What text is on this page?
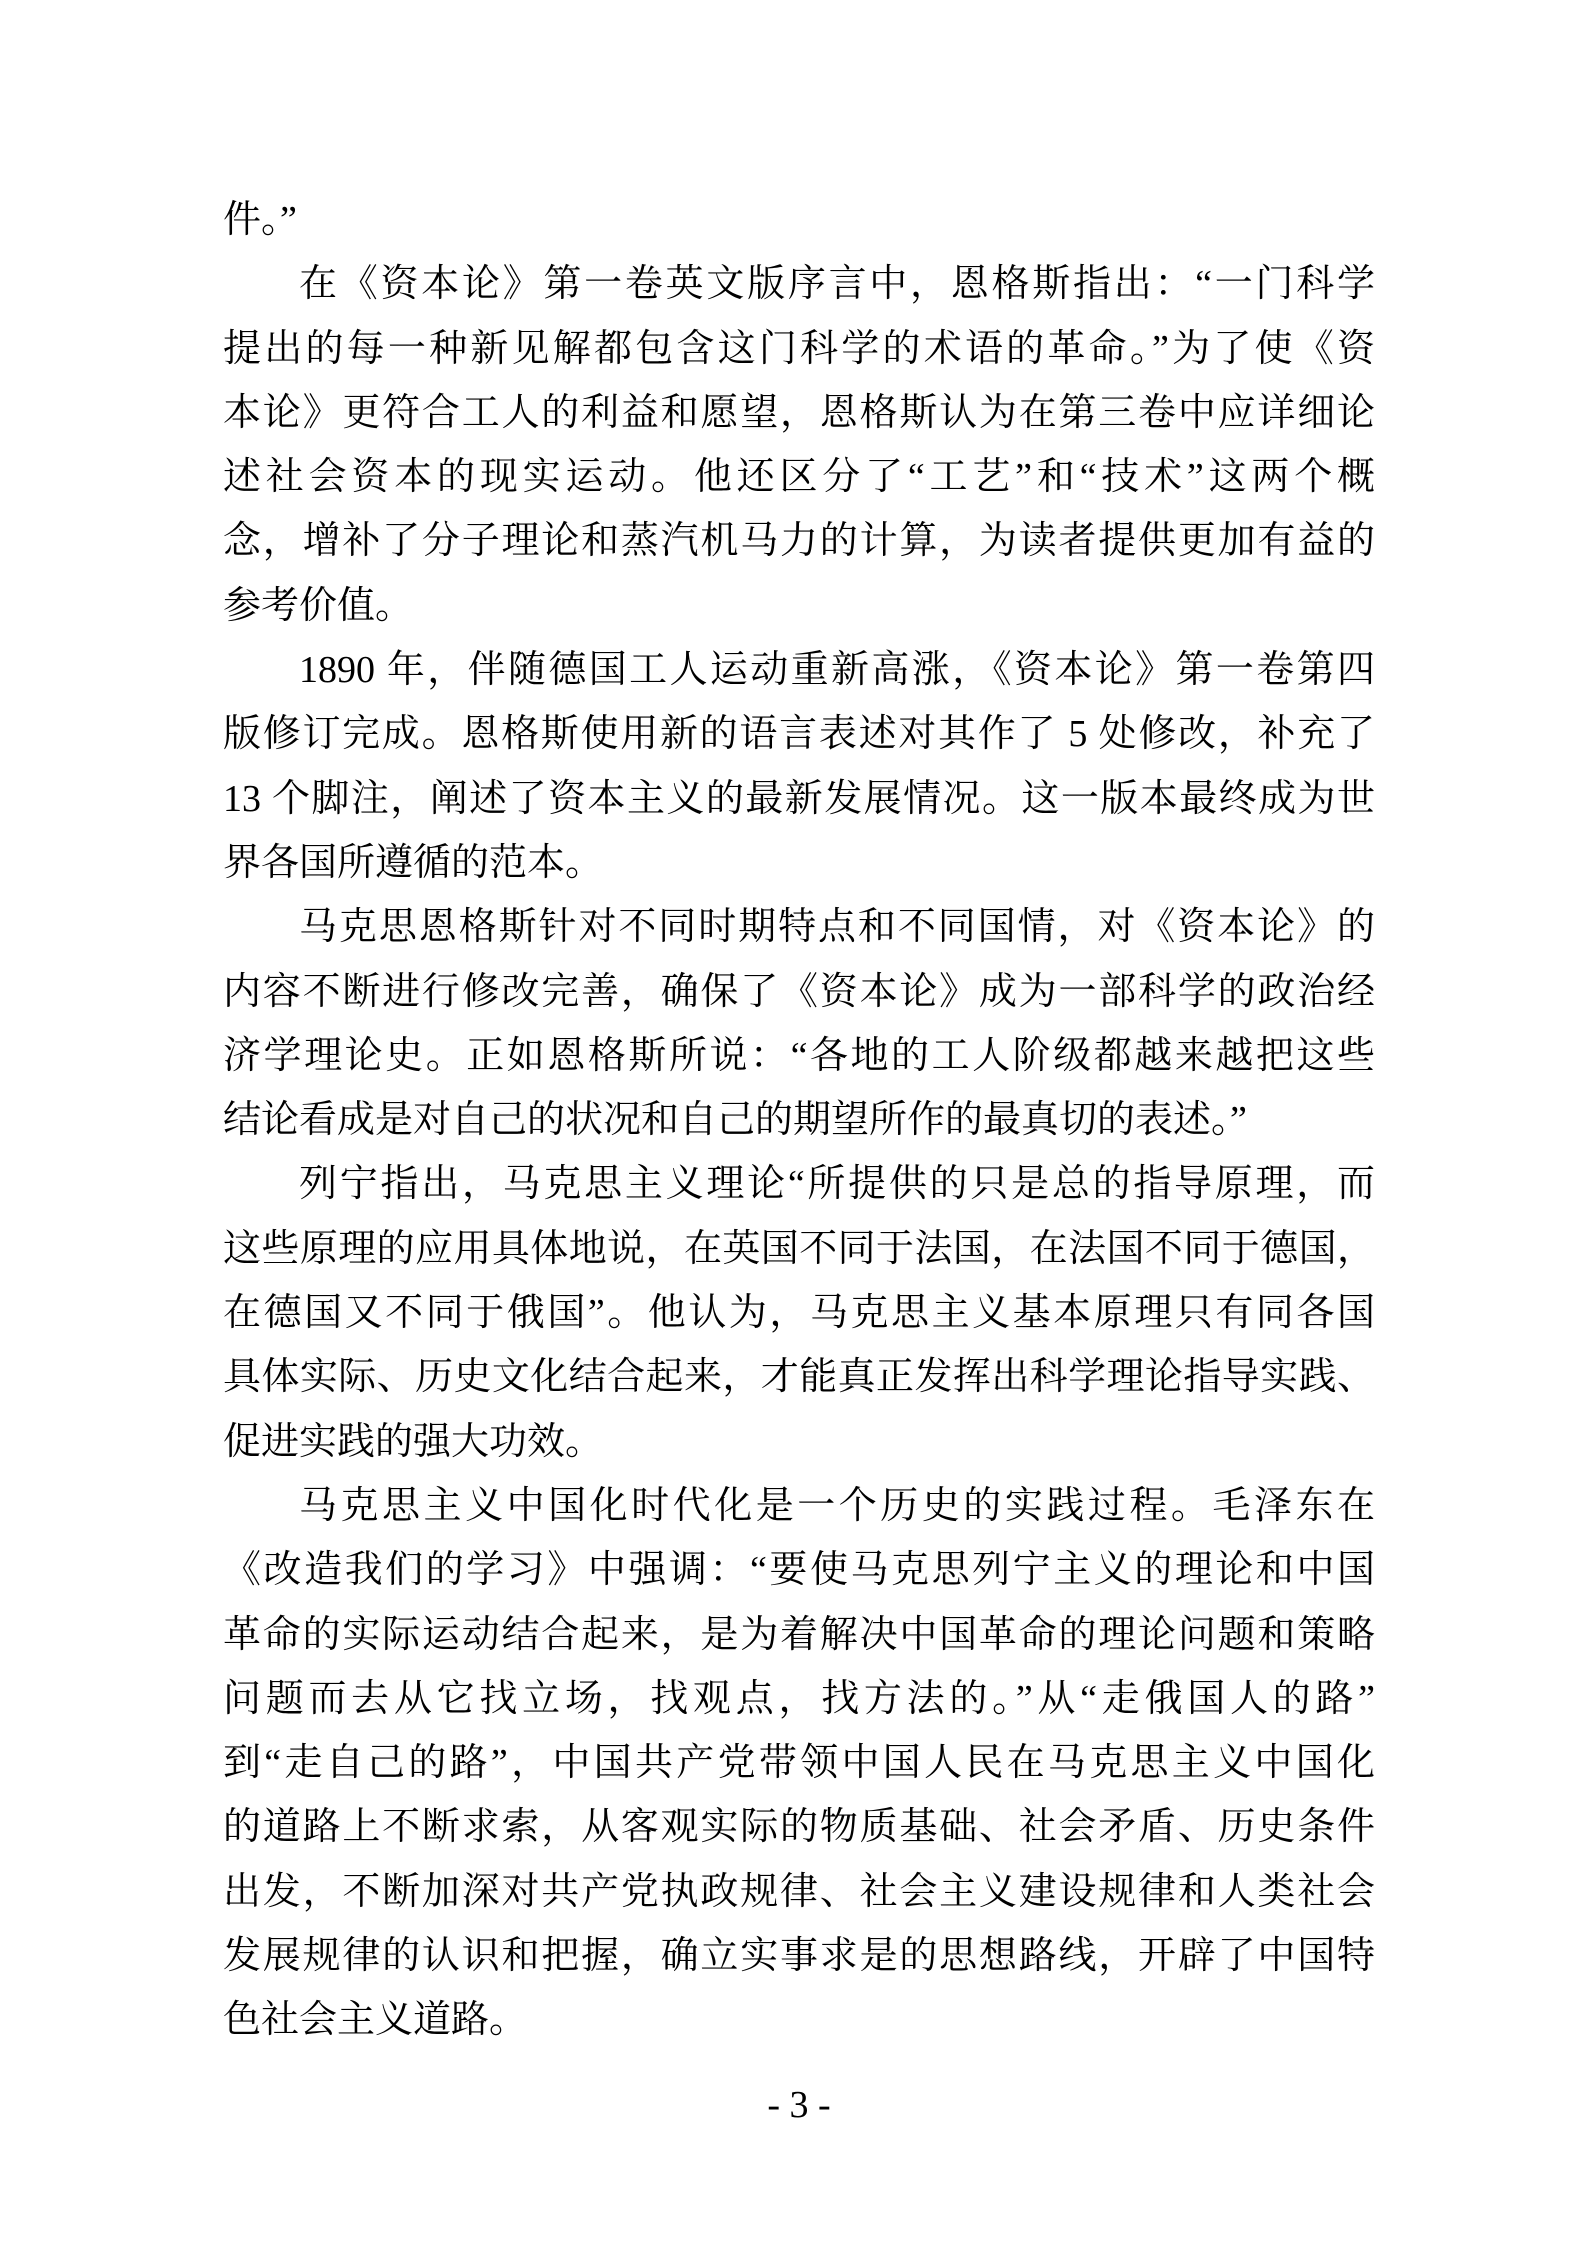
件。”
在《资本论》第一卷英文版序言中，恩格斯指出：“一门科学
提出的每一种新见解都包含这门科学的术语的革命。”为了使《资
本论》更符合工人的利益和愿望，恩格斯认为在第三卷中应详细论
述社会资本的现实运动。他还区分了“工艺”和“技术”这两个概
念，增补了分子理论和蒸汽机马力的计算，为读者提供更加有益的
参考价值。
1890 年，伴随德国工人运动重新高涨，《资本论》第一卷第四
版修订完成。恩格斯使用新的语言表述对其作了 5 处修改，补充了
13 个脚注，阐述了资本主义的最新发展情况。这一版本最终成为世
界各国所遵循的范本。
马克思恩格斯针对不同时期特点和不同国情，对《资本论》的
内容不断进行修改完善，确保了《资本论》成为一部科学的政治经
济学理论史。正如恩格斯所说：“各地的工人阶级都越来越把这些
结论看成是对自己的状况和自己的期望所作的最真切的表述。”
列宁指出，马克思主义理论“所提供的只是总的指导原理，而
这些原理的应用具体地说，在英国不同于法国，在法国不同于德国，
在德国又不同于俄国”。他认为，马克思主义基本原理只有同各国
具体实际、历史文化结合起来，才能真正发挥出科学理论指导实践、
促进实践的强大功效。
马克思主义中国化时代化是一个历史的实践过程。毛泽东在
《改造我们的学习》中强调：“要使马克思列宁主义的理论和中国
革命的实际运动结合起来，是为着解决中国革命的理论问题和策略
问题而去从它找立场，找观点，找方法的。”从“走俄国人的路”
到“走自己的路”，中国共产党带领中国人民在马克思主义中国化
的道路上不断求索，从客观实际的物质基础、社会矛盾、历史条件
出发，不断加深对共产党执政规律、社会主义建设规律和人类社会
发展规律的认识和把握，确立实事求是的思想路线，开辟了中国特
色社会主义道路。
- 3 -
